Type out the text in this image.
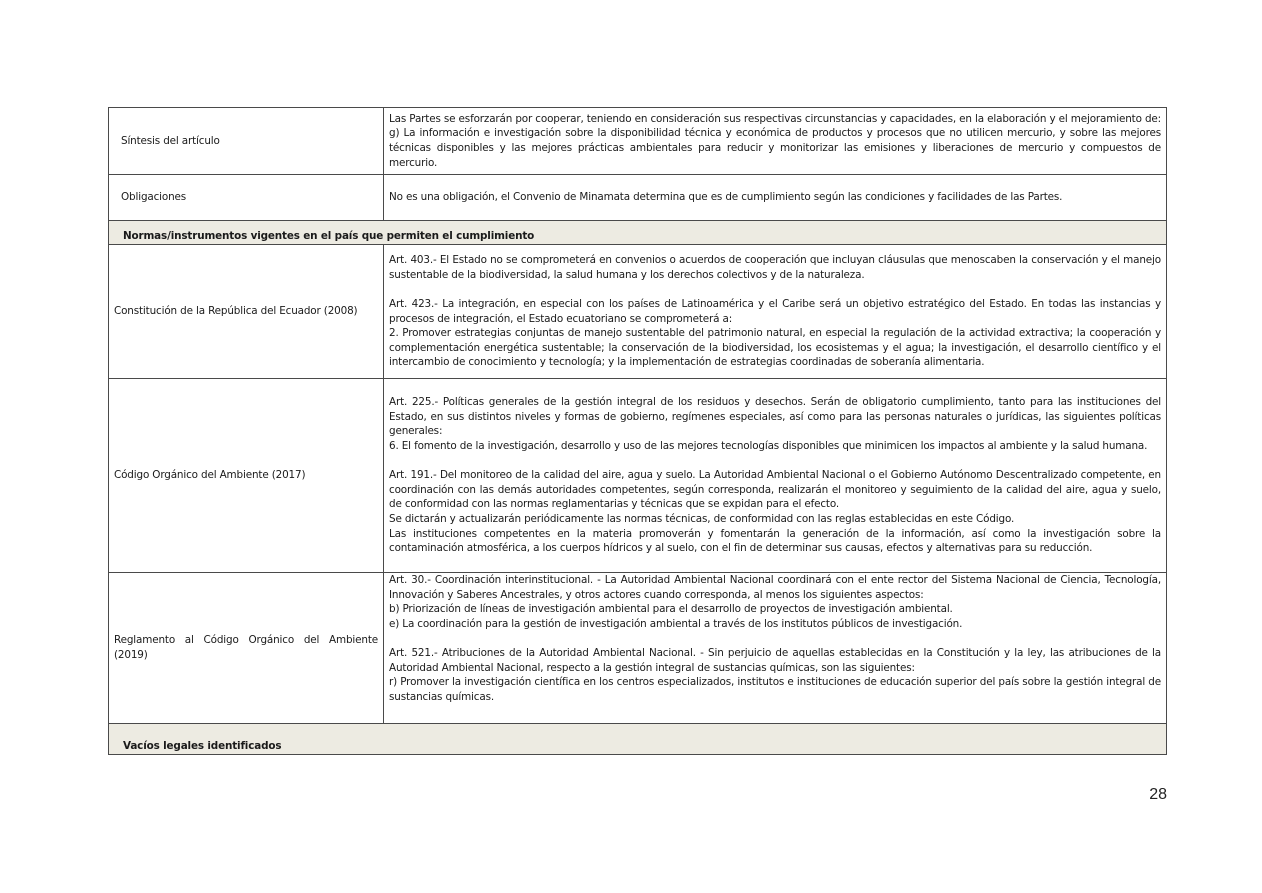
Síntesis del artículo	Las Partes se esforzarán por cooperar, teniendo en consideración sus respectivas circunstancias y capacidades, en la elaboración y el mejoramiento de: g) La información e investigación sobre la disponibilidad técnica y económica de productos y procesos que no utilicen mercurio, y sobre las mejores técnicas disponibles y las mejores prácticas ambientales para reducir y monitorizar las emisiones y liberaciones de mercurio y compuestos de mercurio.
Obligaciones	No es una obligación, el Convenio de Minamata determina que es de cumplimiento según las condiciones y facilidades de las Partes.
Normas/instrumentos vigentes en el país que permiten el cumplimiento	
Constitución de la República del Ecuador (2008)	Art. 403.- El Estado no se comprometerá en convenios o acuerdos de cooperación que incluyan cláusulas que menoscaben la conservación y el manejo sustentable de la biodiversidad, la salud humana y los derechos colectivos y de la naturaleza.

Art. 423.- La integración, en especial con los países de Latinoamérica y el Caribe será un objetivo estratégico del Estado. En todas las instancias y procesos de integración, el Estado ecuatoriano se comprometerá a:

2. Promover estrategias conjuntas de manejo sustentable del patrimonio natural, en especial la regulación de la actividad extractiva; la cooperación y complementación energética sustentable; la conservación de la biodiversidad, los ecosistemas y el agua; la investigación, el desarrollo científico y el intercambio de conocimiento y tecnología; y la implementación de estrategias coordinadas de soberanía alimentaria.

Código Orgánico del Ambiente (2017)	Art. 225.- Políticas generales de la gestión integral de los residuos y desechos. Serán de obligatorio cumplimiento, tanto para las instituciones del Estado, en sus distintos niveles y formas de gobierno, regímenes especiales, así como para las personas naturales o jurídicas, las siguientes políticas generales:

6. El fomento de la investigación, desarrollo y uso de las mejores tecnologías disponibles que minimicen los impactos al ambiente y la salud humana.

Art. 191.- Del monitoreo de la calidad del aire, agua y suelo. La Autoridad Ambiental Nacional o el Gobierno Autónomo Descentralizado competente, en coordinación con las demás autoridades competentes, según corresponda, realizarán el monitoreo y seguimiento de la calidad del aire, agua y suelo, de conformidad con las normas reglamentarias y técnicas que se expidan para el efecto.

Se dictarán y actualizarán periódicamente las normas técnicas, de conformidad con las reglas establecidas en este Código.

Las instituciones competentes en la materia promoverán y fomentarán la generación de la información, así como la investigación sobre la contaminación atmosférica, a los cuerpos hídricos y al suelo, con el fin de determinar sus causas, efectos y alternativas para su reducción.

Reglamento al Código Orgánico del Ambiente (2019)	Art. 30.- Coordinación interinstitucional. - La Autoridad Ambiental Nacional coordinará con el ente rector del Sistema Nacional de Ciencia, Tecnología, Innovación y Saberes Ancestrales, y otros actores cuando corresponda, al menos los siguientes aspectos:

b) Priorización de líneas de investigación ambiental para el desarrollo de proyectos de investigación ambiental.

e) La coordinación para la gestión de investigación ambiental a través de los institutos públicos de investigación.

Art. 521.- Atribuciones de la Autoridad Ambiental Nacional. - Sin perjuicio de aquellas establecidas en la Constitución y la ley, las atribuciones de la Autoridad Ambiental Nacional, respecto a la gestión integral de sustancias químicas, son las siguientes:

r) Promover la investigación científica en los centros especializados, institutos e instituciones de educación superior del país sobre la gestión integral de sustancias químicas.

Vacíos legales identificados	
28
